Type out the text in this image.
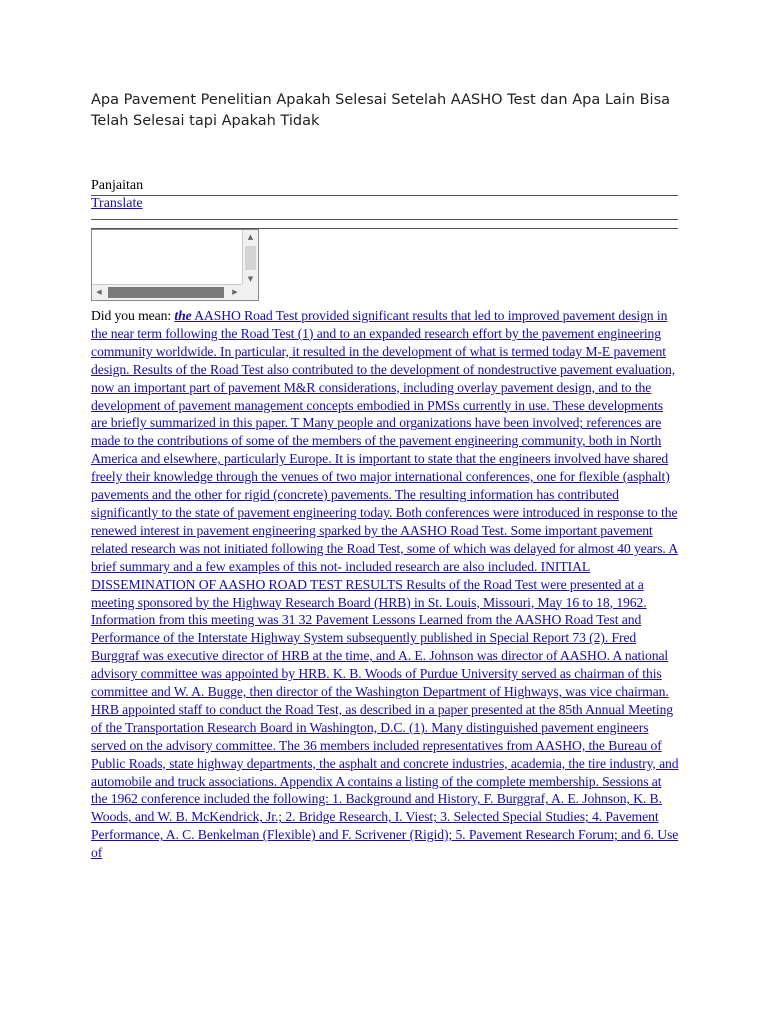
Apa Pavement Penelitian Apakah Selesai Setelah AASHO Test dan Apa Lain Bisa Telah Selesai tapi Apakah Tidak
Panjaitan
Translate
▲
▼
◀	▶
Did you mean: the AASHO Road Test provided significant results that led to improved pavement design in the near term following the Road Test (1) and to an expanded research effort by the pavement engineering community worldwide. In particular, it resulted in the development of what is termed today M-E pavement design. Results of the Road Test also contributed to the development of nondestructive pavement evaluation, now an important part of pavement M&R considerations, including overlay pavement design, and to the development of pavement management concepts embodied in PMSs currently in use. These developments are briefly summarized in this paper. T Many people and organizations have been involved; references are made to the contributions of some of the members of the pavement engineering community, both in North America and elsewhere, particularly Europe. It is important to state that the engineers involved have shared freely their knowledge through the venues of two major international conferences, one for flexible (asphalt) pavements and the other for rigid (concrete) pavements. The resulting information has contributed significantly to the state of pavement engineering today. Both conferences were introduced in response to the renewed interest in pavement engineering sparked by the AASHO Road Test. Some important pavement related research was not initiated following the Road Test, some of which was delayed for almost 40 years. A brief summary and a few examples of this not- included research are also included. INITIAL DISSEMINATION OF AASHO ROAD TEST RESULTS Results of the Road Test were presented at a meeting sponsored by the Highway Research Board (HRB) in St. Louis, Missouri, May 16 to 18, 1962. Information from this meeting was 31 32 Pavement Lessons Learned from the AASHO Road Test and Performance of the Interstate Highway System subsequently published in Special Report 73 (2). Fred Burggraf was executive director of HRB at the time, and A. E. Johnson was director of AASHO. A national advisory committee was appointed by HRB. K. B. Woods of Purdue University served as chairman of this committee and W. A. Bugge, then director of the Washington Department of Highways, was vice chairman. HRB appointed staff to conduct the Road Test, as described in a paper presented at the 85th Annual Meeting of the Transportation Research Board in Washington, D.C. (1). Many distinguished pavement engineers served on the advisory committee. The 36 members included representatives from AASHO, the Bureau of Public Roads, state highway departments, the asphalt and concrete industries, academia, the tire industry, and automobile and truck associations. Appendix A contains a listing of the complete membership. Sessions at the 1962 conference included the following: 1. Background and History, F. Burggraf, A. E. Johnson, K. B. Woods, and W. B. McKendrick, Jr.; 2. Bridge Research, I. Viest; 3. Selected Special Studies; 4. Pavement Performance, A. C. Benkelman (Flexible) and F. Scrivener (Rigid); 5. Pavement Research Forum; and 6. Use of
